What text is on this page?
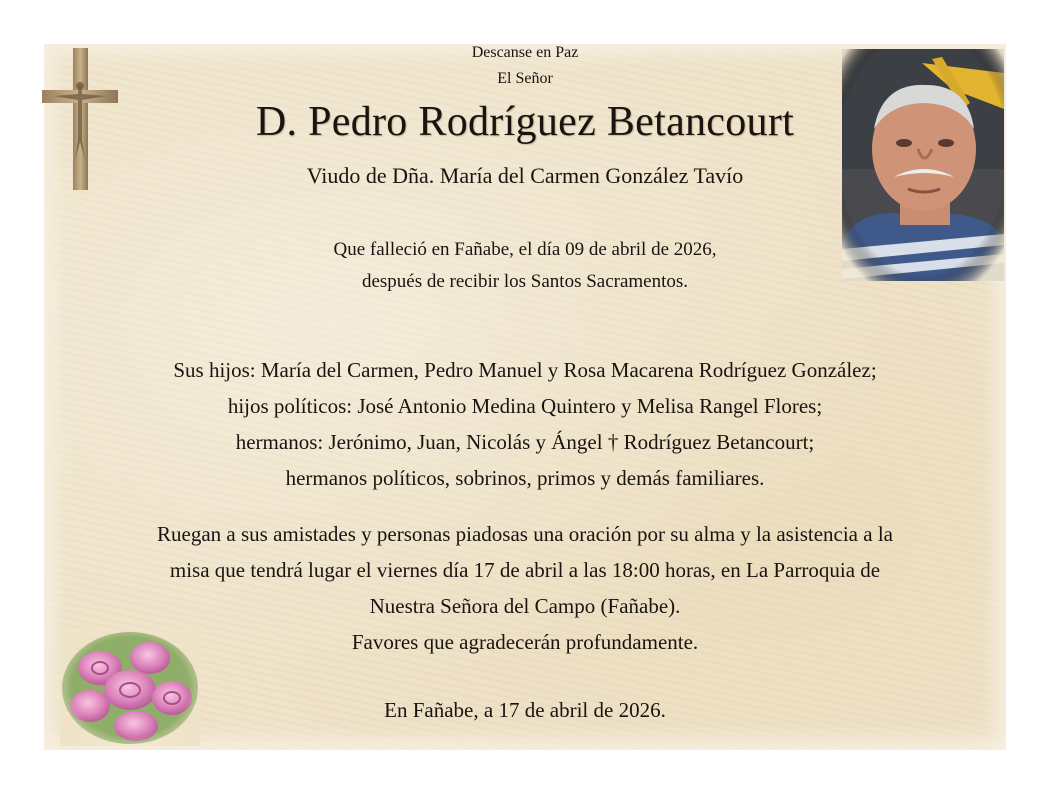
Descanse en Paz
El Señor
D. Pedro Rodríguez Betancourt
Viudo de Dña. María del Carmen González Tavío
Que falleció en Fañabe, el día 09 de abril de 2026,
después de recibir los Santos Sacramentos.
Sus hijos: María del Carmen, Pedro Manuel y Rosa Macarena Rodríguez González;
hijos políticos: José Antonio Medina Quintero y Melisa Rangel Flores;
hermanos: Jerónimo, Juan, Nicolás y Ángel † Rodríguez Betancourt;
hermanos políticos, sobrinos, primos y demás familiares.
Ruegan a sus amistades y personas piadosas una oración por su alma y la asistencia a la
misa que tendrá lugar el viernes día 17 de abril a las 18:00 horas, en La Parroquia de
Nuestra Señora del Campo (Fañabe).
Favores que agradecerán profundamente.
En Fañabe, a 17 de abril de 2026.
